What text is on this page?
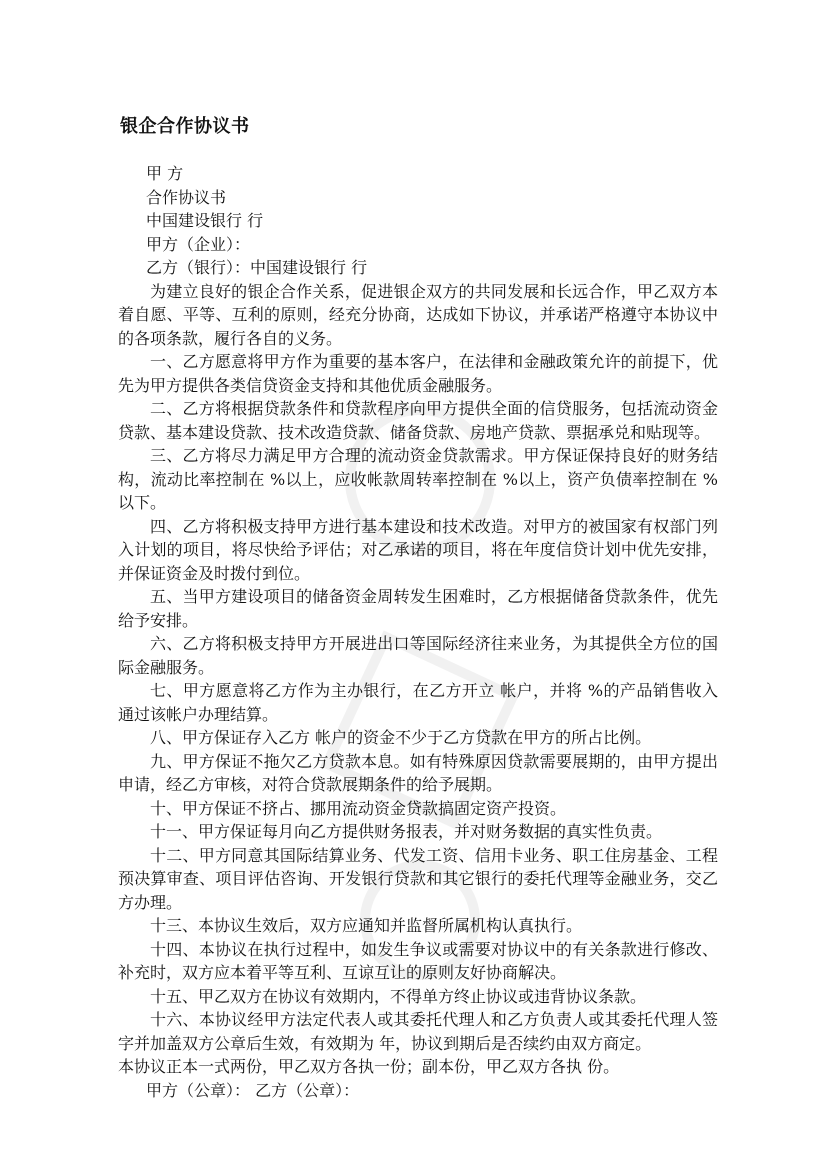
银企合作协议书

甲 方

合作协议书

中国建设银行 行

甲方（企业）：

乙方（银行）：中国建设银行 行

为建立良好的银企合作关系，促进银企双方的共同发展和长远合作，甲乙双方本着自愿、平等、互利的原则，经充分协商，达成如下协议，并承诺严格遵守本协议中 的各项条款，履行各自的义务。

一、乙方愿意将甲方作为重要的基本客户，在法律和金融政策允许的前提下，优先为甲方提供各类信贷资金支持和其他优质金融服务。

二、乙方将根据贷款条件和贷款程序向甲方提供全面的信贷服务，包括流动资金贷款、基本建设贷款、技术改造贷款、储备贷款、房地产贷款、票据承兑和贴现等。

三、乙方将尽力满足甲方合理的流动资金贷款需求。甲方保证保持良好的财务结构，流动比率控制在 %以上，应收帐款周转率控制在 %以上，资产负债率控制在 %以下。

四、乙方将积极支持甲方进行基本建设和技术改造。对甲方的被国家有权部门列入计划的项目，将尽快给予评估；对乙承诺的项目，将在年度信贷计划中优先安排， 并保证资金及时拨付到位。

五、当甲方建设项目的储备资金周转发生困难时，乙方根据储备贷款条件，优先给予安排。

六、乙方将积极支持甲方开展进出口等国际经济往来业务，为其提供全方位的国际金融服务。

七、甲方愿意将乙方作为主办银行，在乙方开立 帐户，并将 %的产品销售收入通过该帐户办理结算。

八、甲方保证存入乙方 帐户的资金不少于乙方贷款在甲方的所占比例。

九、甲方保证不拖欠乙方贷款本息。如有特殊原因贷款需要展期的，由甲方提出申请，经乙方审核，对符合贷款展期条件的给予展期。

十、甲方保证不挤占、挪用流动资金贷款搞固定资产投资。

十一、甲方保证每月向乙方提供财务报表，并对财务数据的真实性负责。

十二、甲方同意其国际结算业务、代发工资、信用卡业务、职工住房基金、工程预决算审查、项目评估咨询、开发银行贷款和其它银行的委托代理等金融业务，交乙 方办理。

十三、本协议生效后，双方应通知并监督所属机构认真执行。

十四、本协议在执行过程中，如发生争议或需要对协议中的有关条款进行修改、补充时，双方应本着平等互利、互谅互让的原则友好协商解决。

十五、甲乙双方在协议有效期内，不得单方终止协议或违背协议条款。

十六、本协议经甲方法定代表人或其委托代理人和乙方负责人或其委托代理人签字并加盖双方公章后生效，有效期为 年，协议到期后是否续约由双方商定。

本协议正本一式两份，甲乙双方各执一份；副本份，甲乙双方各执 份。

甲方（公章）： 乙方（公章）：
